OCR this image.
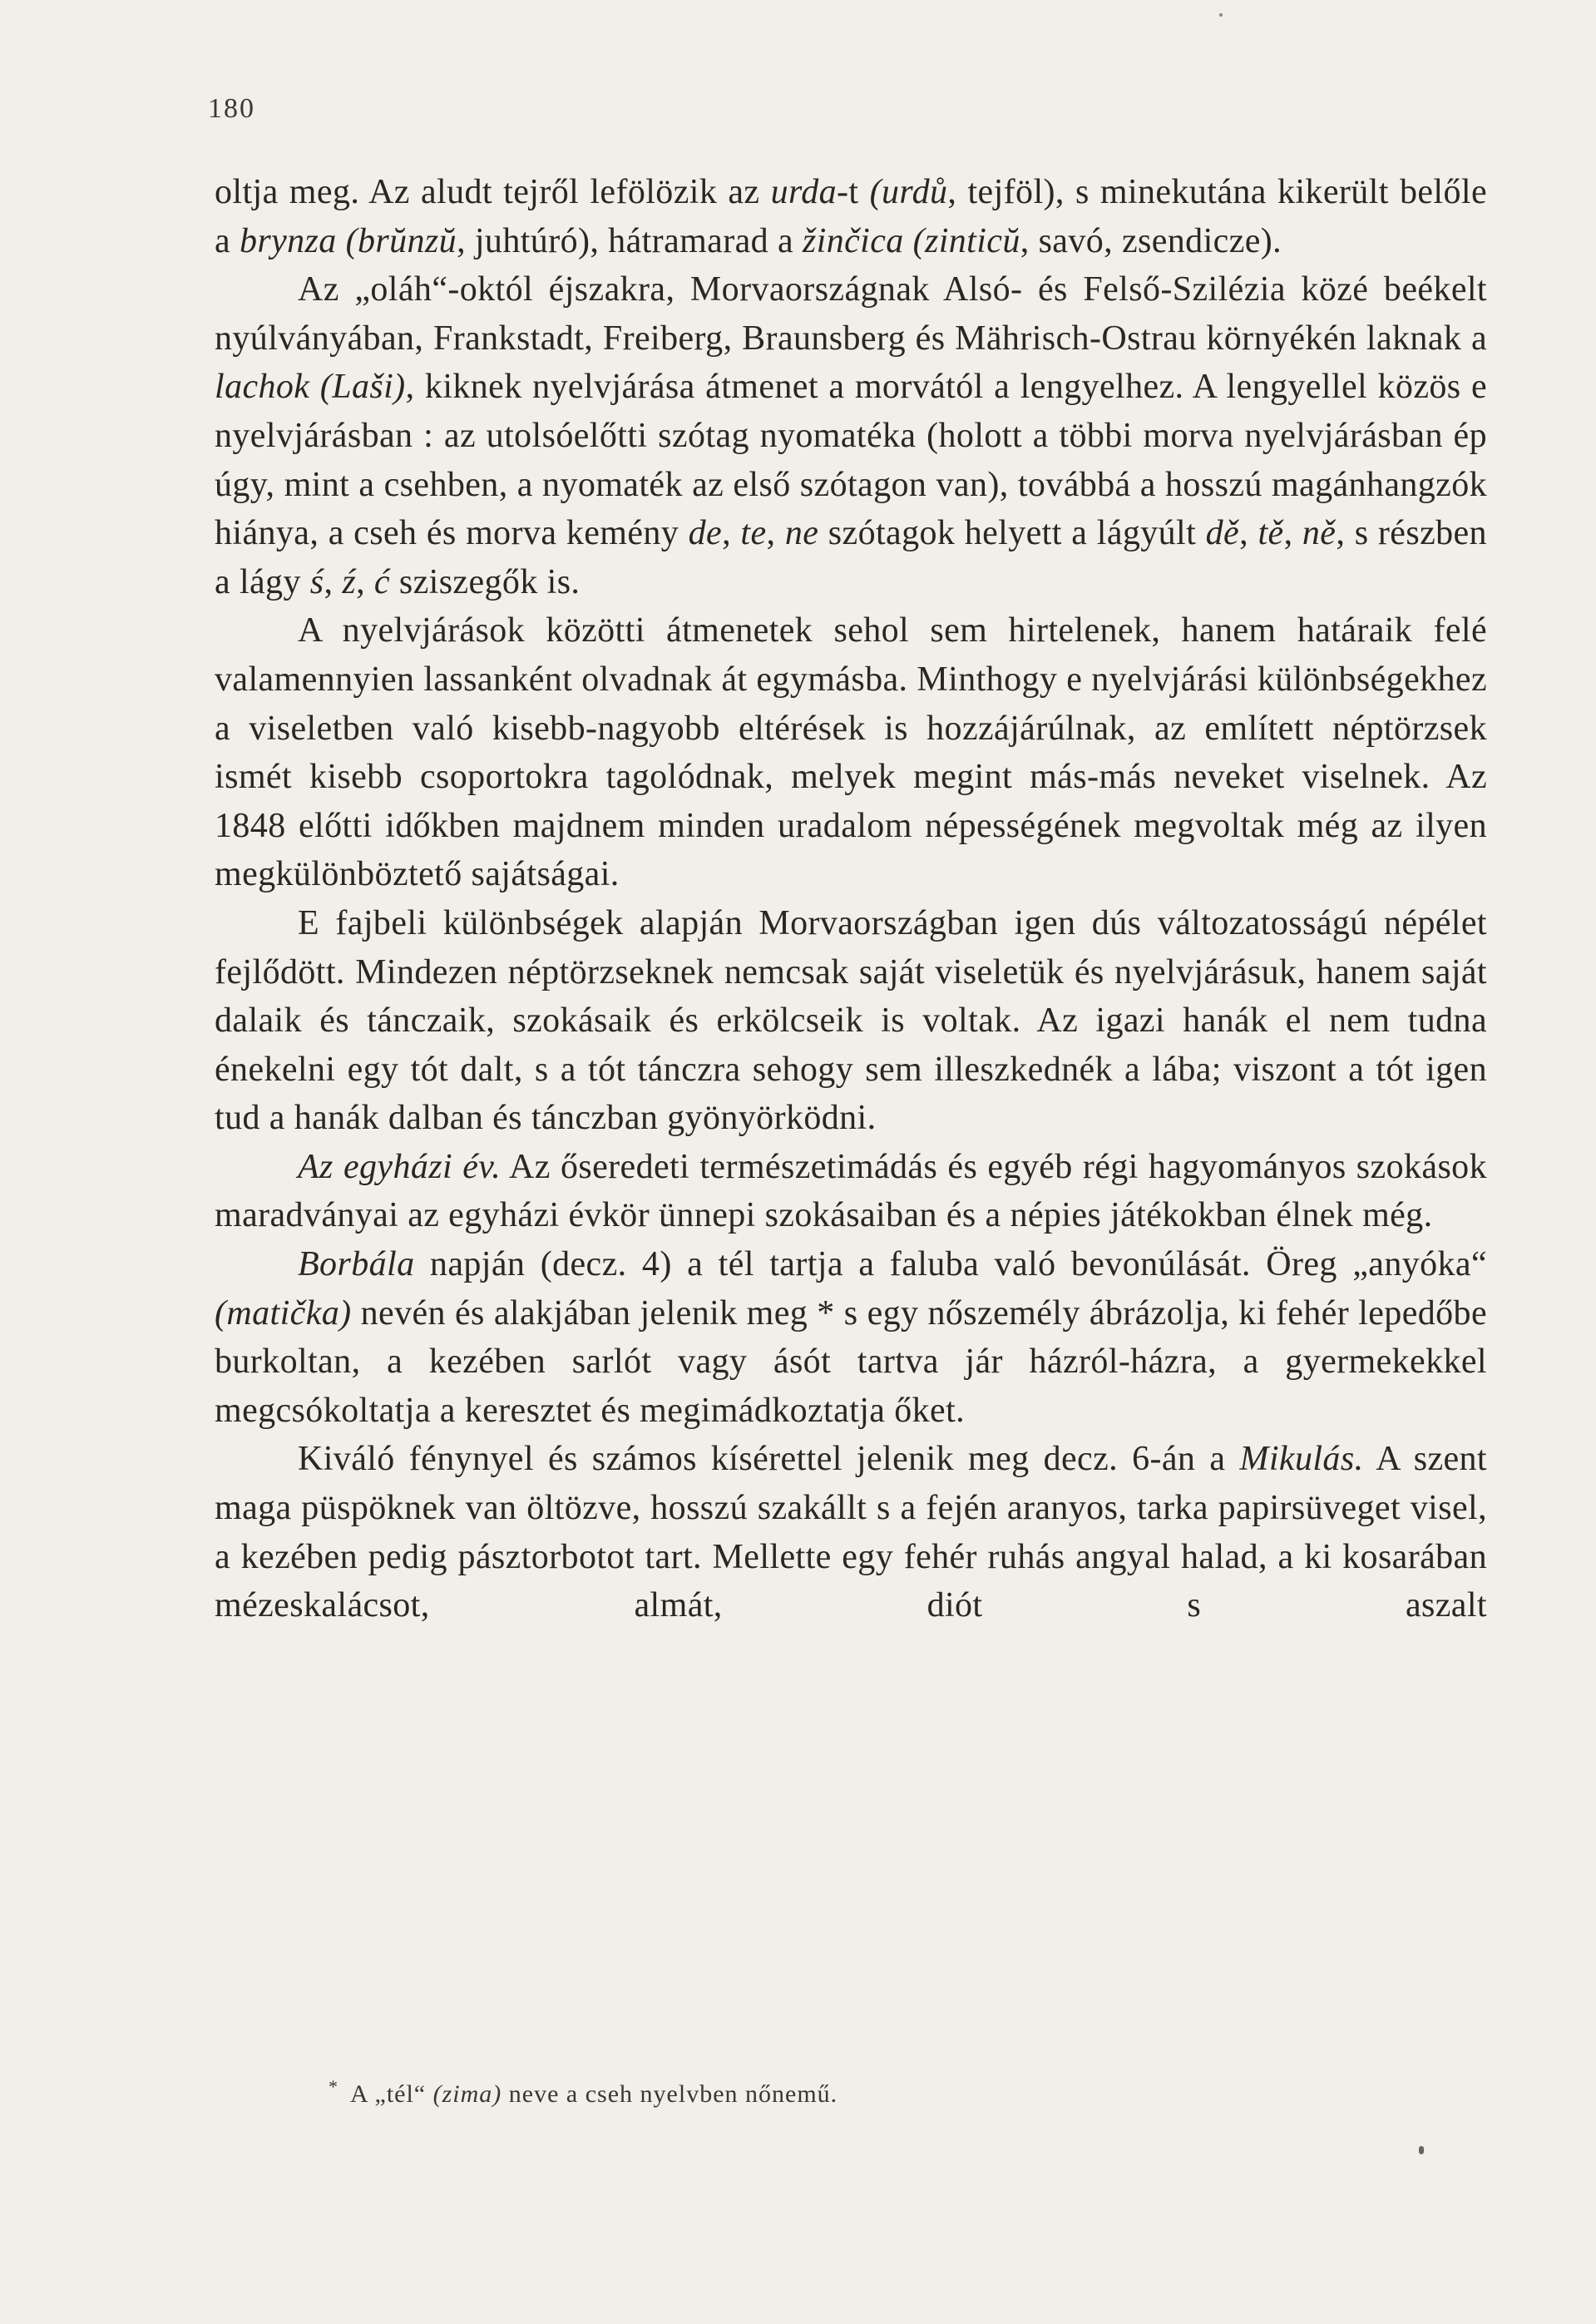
180

oltja meg. Az aludt tejről lefölözik az urda-t (urdů, tejföl), s minekutána kikerült belőle a brynza (brŭnzŭ, juhtúró), hátramarad a žinčica (zinticŭ, savó, zsendicze).

Az „oláh“-októl éjszakra, Morvaországnak Alsó- és Felső-Szilézia közé beékelt nyúlványában, Frankstadt, Freiberg, Braunsberg és Mährisch-Ostrau környékén laknak a lachok (Laši), kiknek nyelvjárása átmenet a morvától a lengyelhez. A lengyellel közös e nyelvjárásban : az utolsóelőtti szótag nyomatéka (holott a többi morva nyelvjárásban ép úgy, mint a csehben, a nyomaték az első szótagon van), továbbá a hosszú magánhangzók hiánya, a cseh és morva kemény de, te, ne szótagok helyett a lágyúlt dě, tě, ně, s részben a lágy ś, ź, ć sziszegők is.

A nyelvjárások közötti átmenetek sehol sem hirtelenek, hanem határaik felé valamennyien lassanként olvadnak át egymásba. Minthogy e nyelvjárási különbségekhez a viseletben való kisebb-nagyobb eltérések is hozzájárúlnak, az említett néptörzsek ismét kisebb csoportokra tagolódnak, melyek megint más-más neveket viselnek. Az 1848 előtti időkben majdnem minden uradalom népességének megvoltak még az ilyen megkülönböztető sajátságai.

E fajbeli különbségek alapján Morvaországban igen dús változatosságú népélet fejlődött. Mindezen néptörzseknek nemcsak saját viseletük és nyelvjárásuk, hanem saját dalaik és tánczaik, szokásaik és erkölcseik is voltak. Az igazi hanák el nem tudna énekelni egy tót dalt, s a tót tánczra sehogy sem illeszkednék a lába; viszont a tót igen tud a hanák dalban és tánczban gyönyörködni.

Az egyházi év. Az őseredeti természetimádás és egyéb régi hagyományos szokások maradványai az egyházi évkör ünnepi szokásaiban és a népies játékokban élnek még.

Borbála napján (decz. 4) a tél tartja a faluba való bevonúlását. Öreg „anyóka“ (matička) nevén és alakjában jelenik meg * s egy nőszemély ábrázolja, ki fehér lepedőbe burkoltan, a kezében sarlót vagy ásót tartva jár házról-házra, a gyermekekkel megcsókoltatja a keresztet és megimádkoztatja őket.

Kiváló fénynyel és számos kísérettel jelenik meg decz. 6-án a Mikulás. A szent maga püspöknek van öltözve, hosszú szakállt s a fején aranyos, tarka papirsüveget visel, a kezében pedig pásztorbotot tart. Mellette egy fehér ruhás angyal halad, a ki kosarában mézeskalácsot, almát, diót s aszalt

* A „tél“ (zima) neve a cseh nyelvben nőnemű.
